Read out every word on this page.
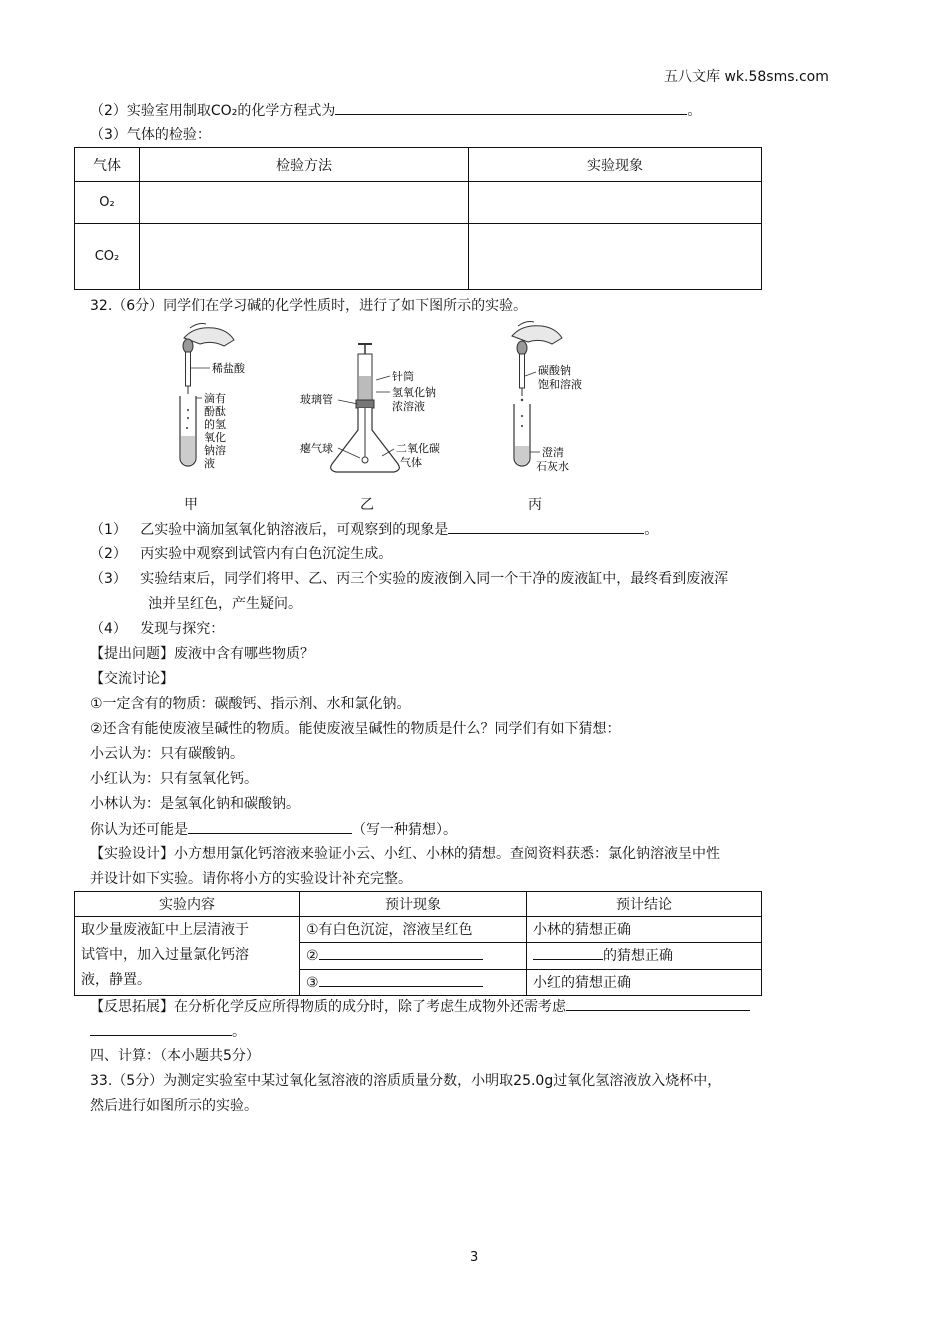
五八文库 wk.58sms.com
（2）实验室用制取CO₂的化学方程式为	。
（3）气体的检验：
气体	检验方法	实验现象
O₂		
CO₂		
32.（6分）同学们在学习碱的化学性质时，进行了如下图所示的实验。
稀盐酸
滴有 酚酞 的氢 氧化 钠溶 液
针筒
氢氧化钠 浓溶液
玻璃管
瘪气球	二氧化碳 气体
碳酸钠 饱和溶液
澄清 石灰水
甲	乙	丙
（1） 乙实验中滴加氢氧化钠溶液后，可观察到的现象是	。
（2） 丙实验中观察到试管内有白色沉淀生成。
（3） 实验结束后，同学们将甲、乙、丙三个实验的废液倒入同一个干净的废液缸中，最终看到废液浑
浊并呈红色，产生疑问。
（4） 发现与探究：
【提出问题】废液中含有哪些物质？
【交流讨论】
①一定含有的物质：碳酸钙、指示剂、水和氯化钠。
②还含有能使废液呈碱性的物质。能使废液呈碱性的物质是什么？同学们有如下猜想：
小云认为：只有碳酸钠。
小红认为：只有氢氧化钙。
小林认为：是氢氧化钠和碳酸钠。
你认为还可能是	（写一种猜想）。
【实验设计】小方想用氯化钙溶液来验证小云、小红、小林的猜想。查阅资料获悉：氯化钠溶液呈中性
并设计如下实验。请你将小方的实验设计补充完整。
实验内容	预计现象	预计结论

取少量废液缸中上层清液于
试管中，加入过量氯化钙溶
液，静置。	①有白色沉淀，溶液呈红色	小林的猜想正确
	②	的猜想正确
	③	小红的猜想正确
【反思拓展】在分析化学反应所得物质的成分时，除了考虑生成物外还需考虑
。
四、计算：（本小题共5分）
33.（5分）为测定实验室中某过氧化氢溶液的溶质质量分数，小明取25.0g过氧化氢溶液放入烧杯中，
然后进行如图所示的实验。
3
